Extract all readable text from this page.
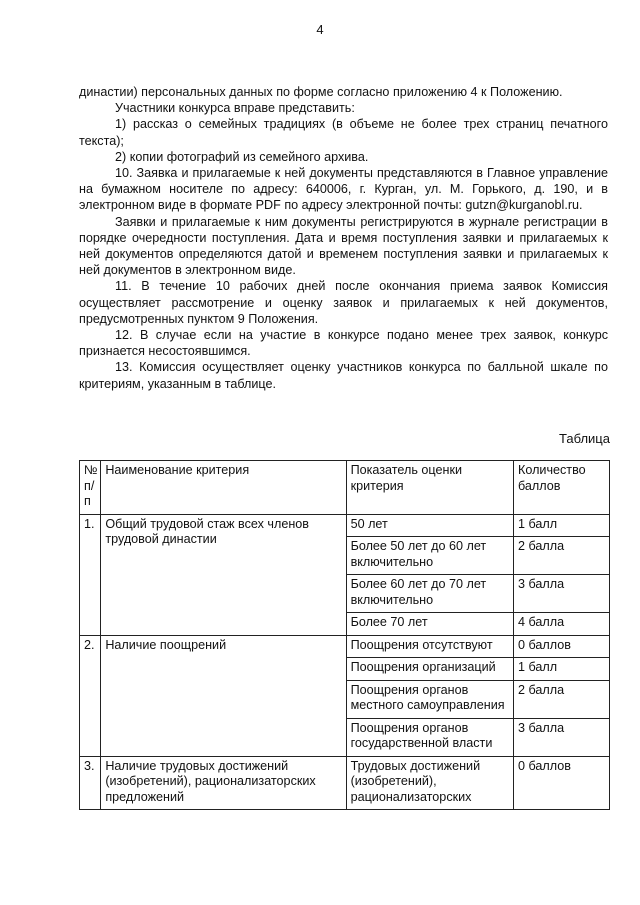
4

династии) персональных данных по форме согласно приложению 4 к Положению.

Участники конкурса вправе представить:

1) рассказ о семейных традициях (в объеме не более трех страниц печатного текста);

2) копии фотографий из семейного архива.

10. Заявка и прилагаемые к ней документы представляются в Главное управление на бумажном носителе по адресу: 640006, г. Курган, ул. М. Горького, д. 190, и в электронном виде в формате PDF по адресу электронной почты: gutzn@kurganobl.ru.

Заявки и прилагаемые к ним документы регистрируются в журнале регистрации в порядке очередности поступления. Дата и время поступления заявки и прилагаемых к ней документов определяются датой и временем поступления заявки и прилагаемых к ней документов в электронном виде.

11. В течение 10 рабочих дней после окончания приема заявок Комиссия осуществляет рассмотрение и оценку заявок и прилагаемых к ней документов, предусмотренных пунктом 9 Положения.

12. В случае если на участие в конкурсе подано менее трех заявок, конкурс признается несостоявшимся.

13. Комиссия осуществляет оценку участников конкурса по балльной шкале по критериям, указанным в таблице.

Таблица
№ п/п	Наименование критерия	Показатель оценки критерия	Количество баллов
1.	Общий трудовой стаж всех членов трудовой династии	50 лет	1 балл
		Более 50 лет до 60 лет включительно	2 балла
		Более 60 лет до 70 лет включительно	3 балла
		Более 70 лет	4 балла
2.	Наличие поощрений	Поощрения отсутствуют	0 баллов
		Поощрения организаций	1 балл
		Поощрения органов местного самоуправления	2 балла
		Поощрения органов государственной власти	3 балла
3.	Наличие трудовых достижений (изобретений), рационализаторских предложений	Трудовых достижений (изобретений), рационализаторских	0 баллов
